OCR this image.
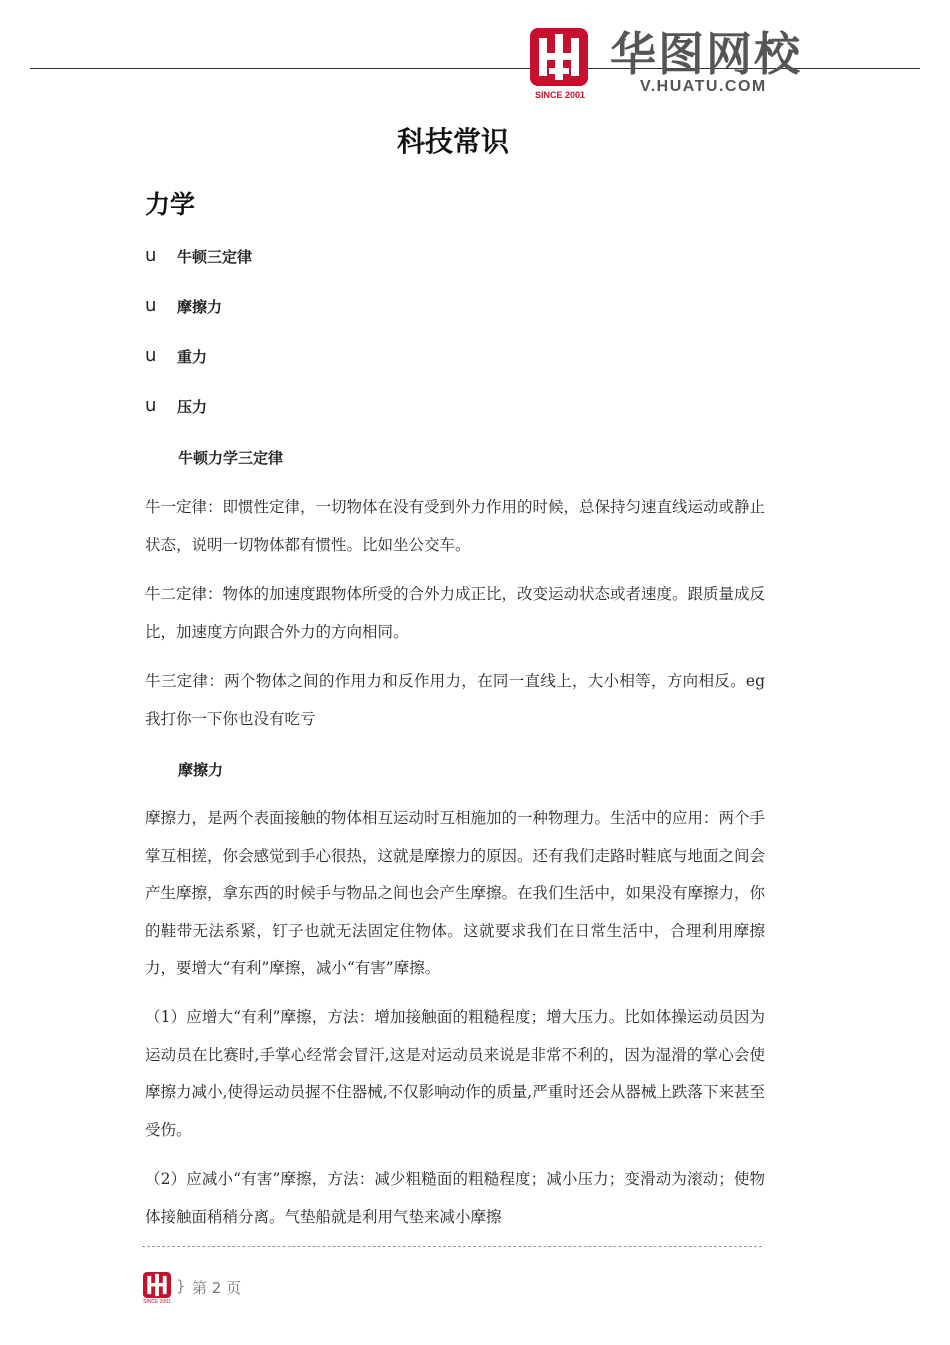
SINCE 2001
华图网校
V.HUATU.COM
科技常识
力学
u	牛顿三定律
u	摩擦力
u	重力
u	压力
牛顿力学三定律

牛一定律：即惯性定律，一切物体在没有受到外力作用的时候，总保持匀速直线运动或静止状态，说明一切物体都有惯性。比如坐公交车。

牛二定律：物体的加速度跟物体所受的合外力成正比，改变运动状态或者速度。跟质量成反比，加速度方向跟合外力的方向相同。

牛三定律：两个物体之间的作用力和反作用力，在同一直线上，大小相等，方向相反。eg 我打你一下你也没有吃亏

摩擦力

摩擦力，是两个表面接触的物体相互运动时互相施加的一种物理力。生活中的应用：两个手掌互相搓，你会感觉到手心很热，这就是摩擦力的原因。还有我们走路时鞋底与地面之间会产生摩擦，拿东西的时候手与物品之间也会产生摩擦。在我们生活中，如果没有摩擦力，你的鞋带无法系紧，钉子也就无法固定住物体。这就要求我们在日常生活中，合理利用摩擦力，要增大“有利”摩擦，减小“有害”摩擦。

（1）应增大“有利”摩擦，方法：增加接触面的粗糙程度；增大压力。比如体操运动员因为运动员在比赛时,手掌心经常会冒汗,这是对运动员来说是非常不利的，因为湿滑的掌心会使摩擦力减小,使得运动员握不住器械,不仅影响动作的质量,严重时还会从器械上跌落下来甚至受伤。

（2）应减小“有害”摩擦，方法：减少粗糙面的粗糙程度；减小压力；变滑动为滚动；使物体接触面稍稍分离。气垫船就是利用气垫来减小摩擦

SINCE 2001
} 第 2 页
